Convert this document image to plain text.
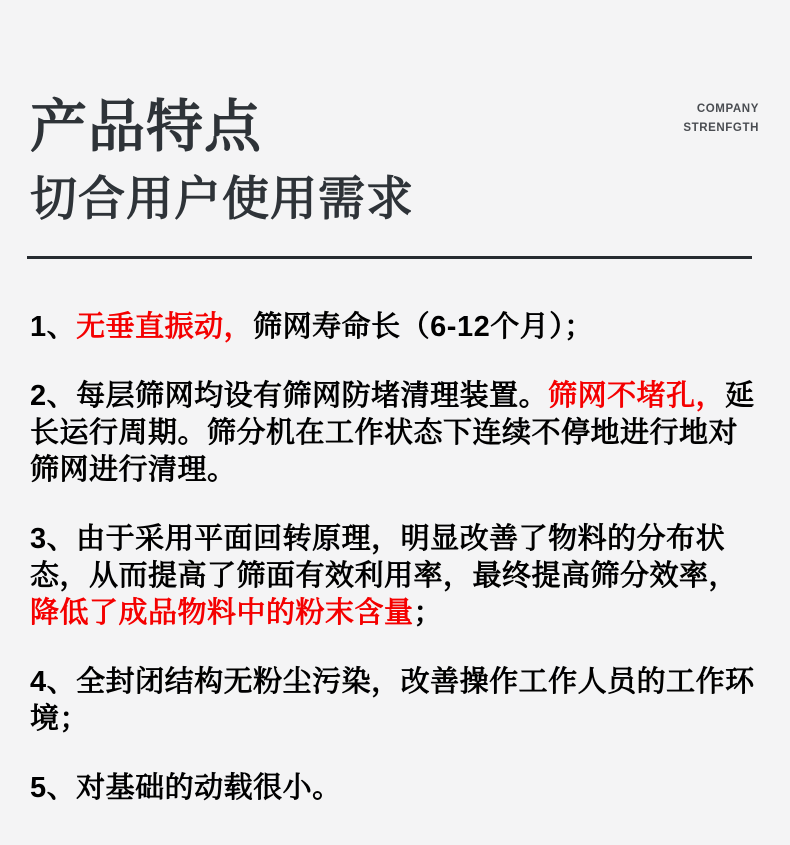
COMPANY
STRENFGTH
产品特点
切合用户使用需求

1、无垂直振动，筛网寿命长（6-12个月）；

2、每层筛网均设有筛网防堵清理装置。筛网不堵孔，延长运行周期。筛分机在工作状态下连续不停地进行地对筛网进行清理。

3、由于采用平面回转原理，明显改善了物料的分布状态，从而提高了筛面有效利用率，最终提高筛分效率，降低了成品物料中的粉末含量；

4、全封闭结构无粉尘污染，改善操作工作人员的工作环境；

5、对基础的动载很小。
